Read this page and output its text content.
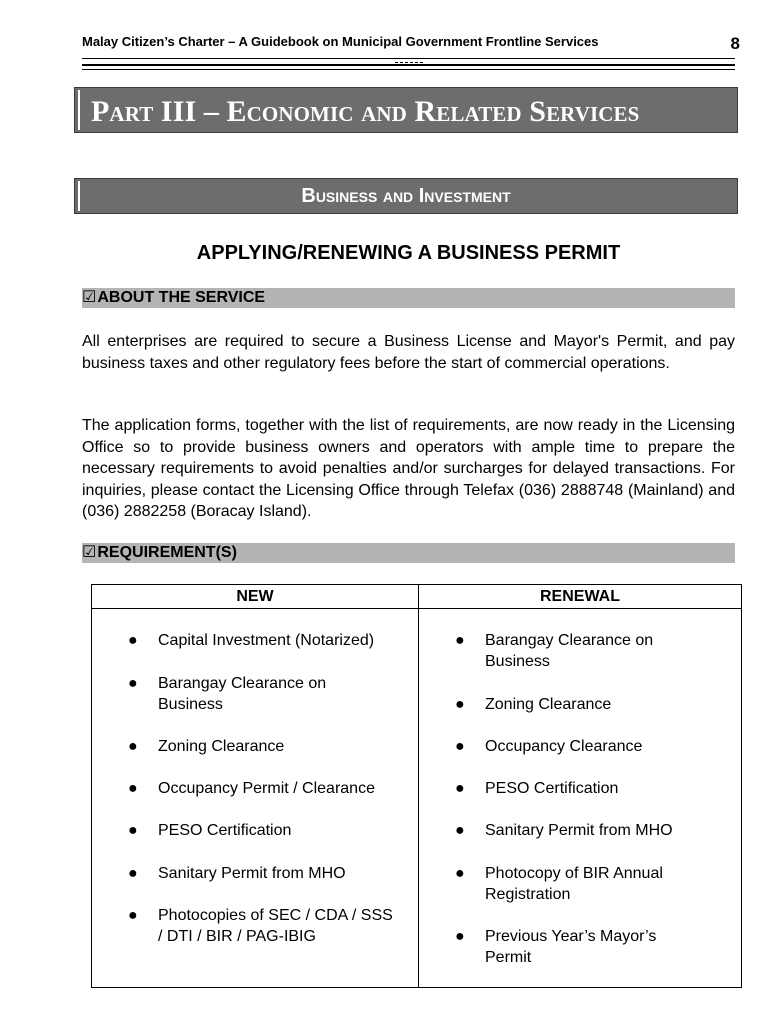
Malay Citizen’s Charter – A Guidebook on Municipal Government Frontline Services	8
Part III – Economic and Related Services
Business and Investment
APPLYING/RENEWING A BUSINESS PERMIT
☑ABOUT THE SERVICE

All enterprises are required to secure a Business License and Mayor's Permit, and pay business taxes and other regulatory fees before the start of commercial operations.

The application forms, together with the list of requirements, are now ready in the Licensing Office so to provide business owners and operators with ample time to prepare the necessary requirements to avoid penalties and/or surcharges for delayed transactions. For inquiries, please contact the Licensing Office through Telefax (036) 2888748 (Mainland) and (036) 2882258 (Boracay Island).

☑REQUIREMENT(S)
NEW
● Capital Investment (Notarized)
● Barangay Clearance on Business
● Zoning Clearance
● Occupancy Permit / Clearance
● PESO Certification
● Sanitary Permit from MHO
● Photocopies of SEC / CDA / SSS / DTI / BIR / PAG-IBIG
RENEWAL
● Barangay Clearance on Business
● Zoning Clearance
● Occupancy Clearance
● PESO Certification
● Sanitary Permit from MHO
● Photocopy of BIR Annual Registration
● Previous Year’s Mayor’s Permit
